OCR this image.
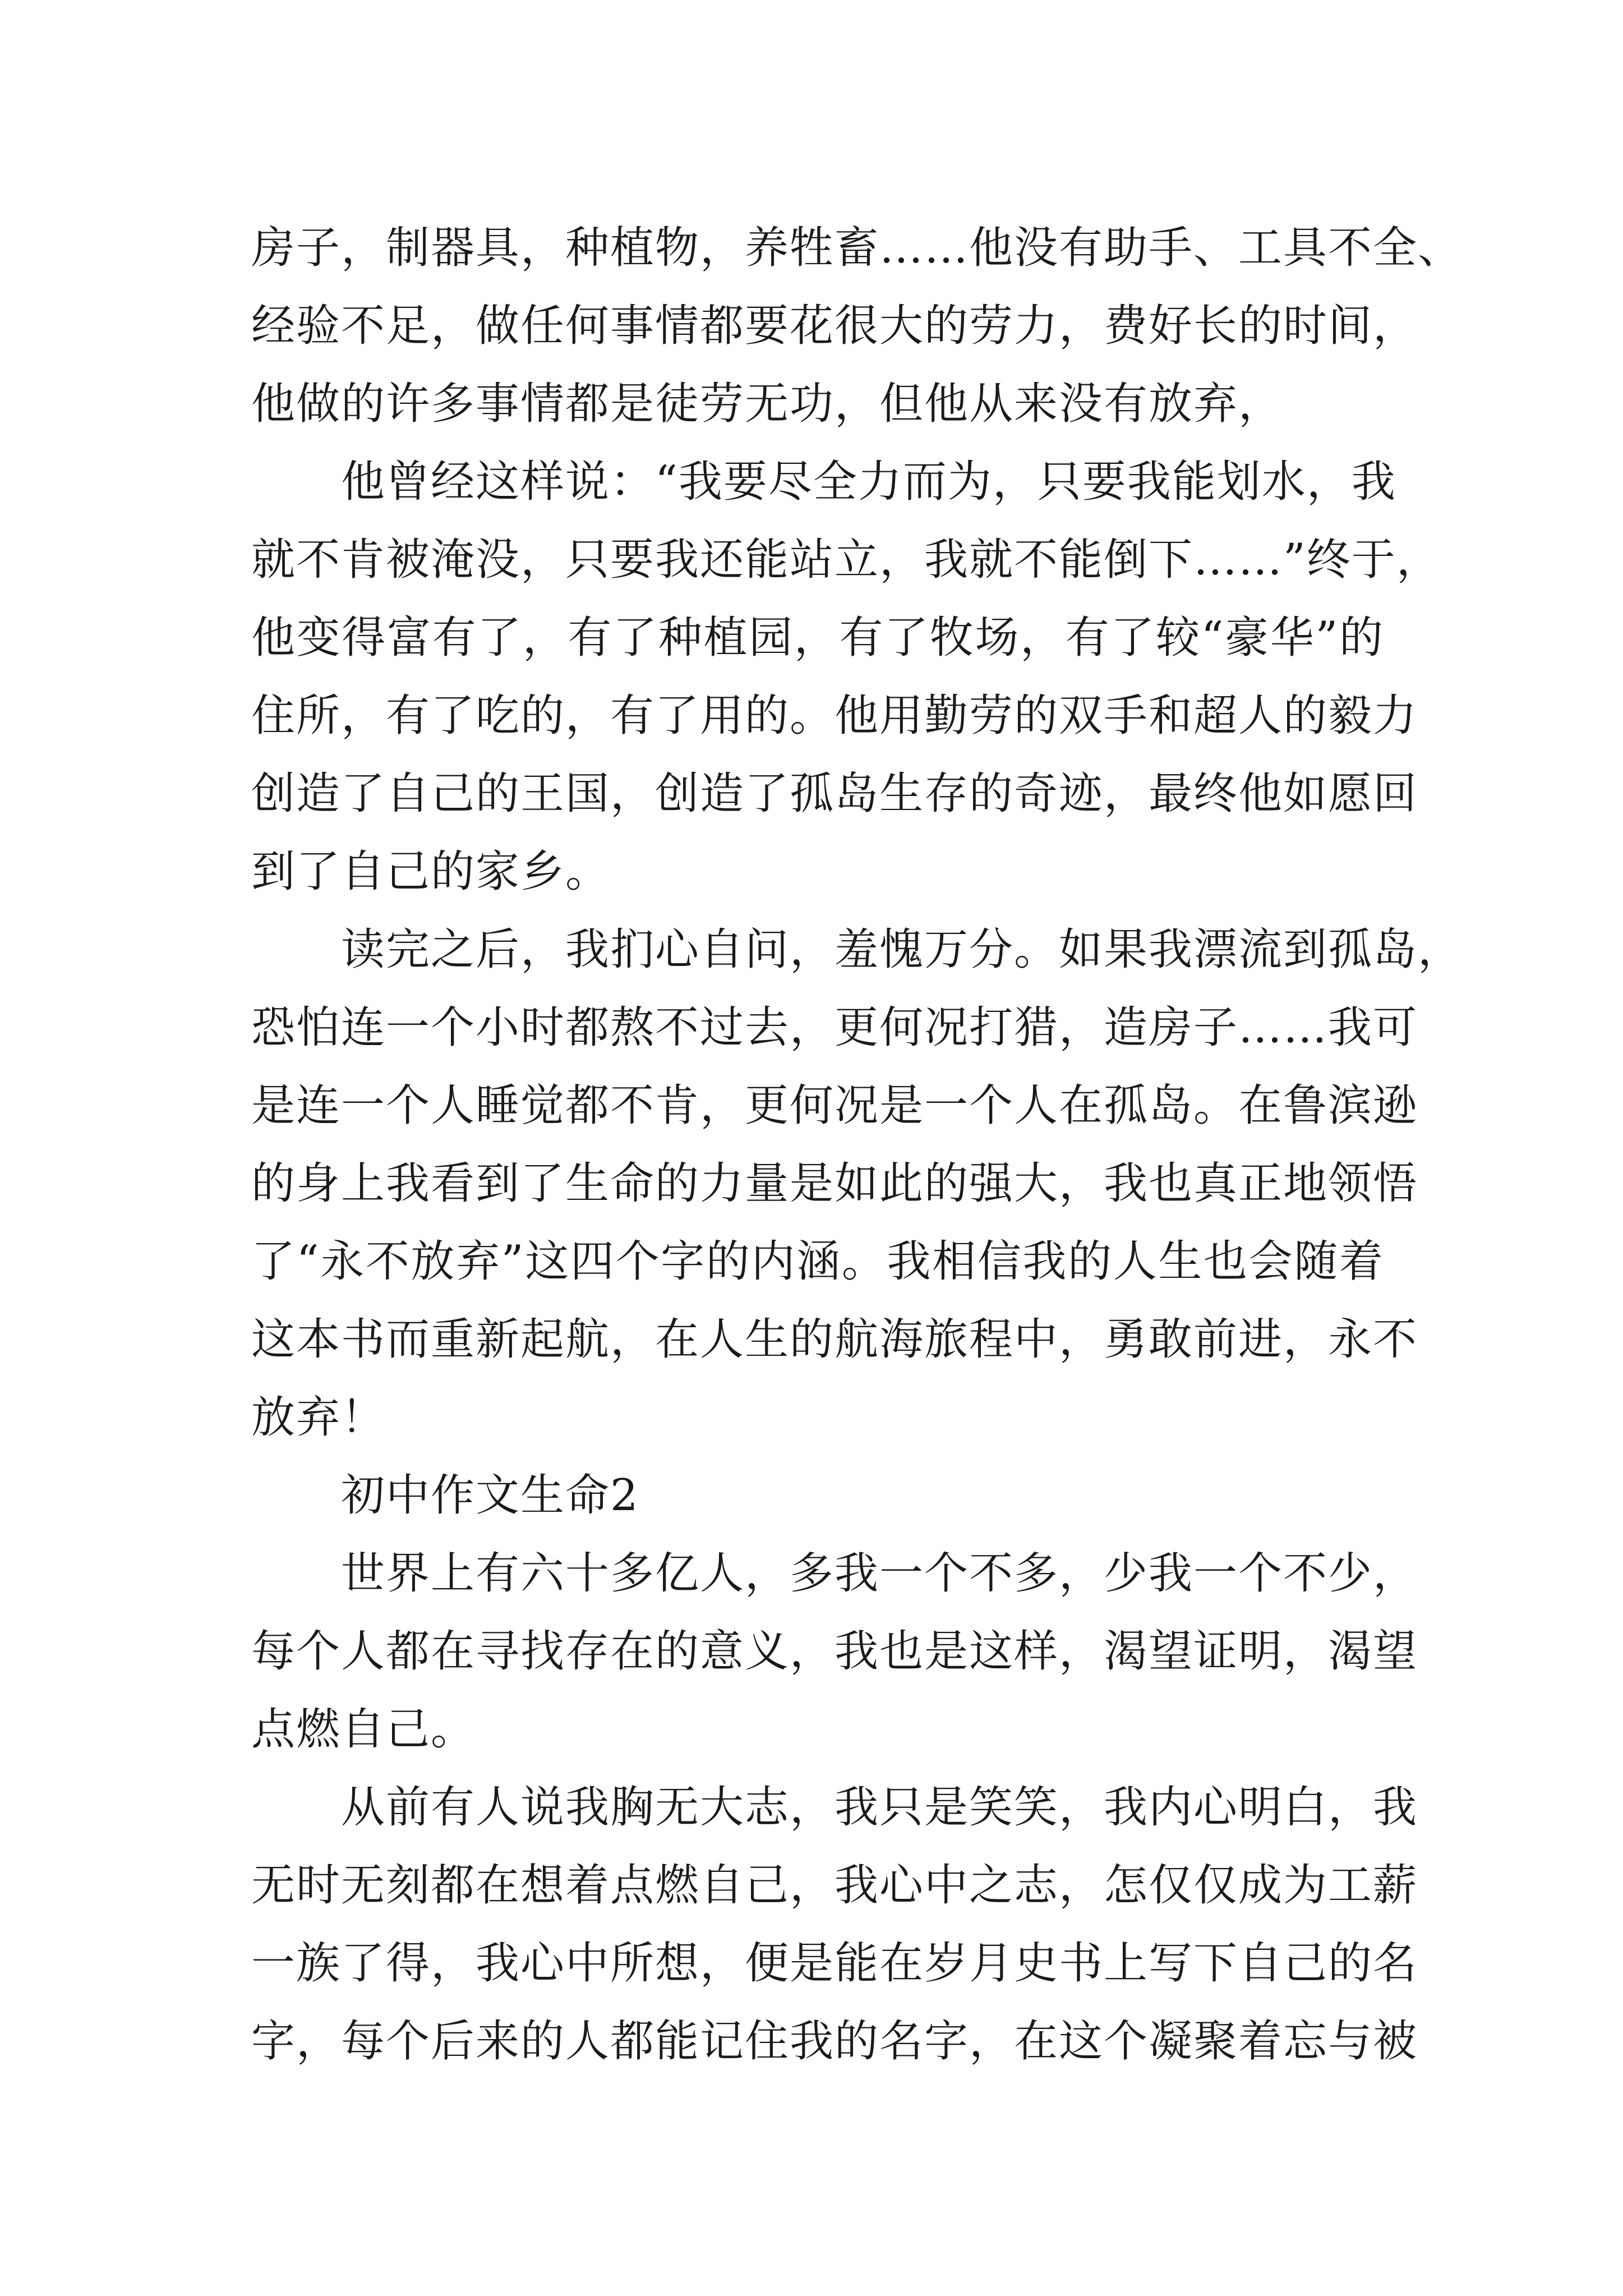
房子，制器具，种植物，养牲畜……他没有助手、工具不全、
经验不足，做任何事情都要花很大的劳力，费好长的时间，
他做的许多事情都是徒劳无功，但他从来没有放弃，
他曾经这样说：“我要尽全力而为，只要我能划水，我
就不肯被淹没，只要我还能站立，我就不能倒下……”终于，
他变得富有了，有了种植园，有了牧场，有了较“豪华”的
住所，有了吃的，有了用的。他用勤劳的双手和超人的毅力
创造了自己的王国，创造了孤岛生存的奇迹，最终他如愿回
到了自己的家乡。
读完之后，我扪心自问，羞愧万分。如果我漂流到孤岛，
恐怕连一个小时都熬不过去，更何况打猎，造房子……我可
是连一个人睡觉都不肯，更何况是一个人在孤岛。在鲁滨逊
的身上我看到了生命的力量是如此的强大，我也真正地领悟
了“永不放弃”这四个字的内涵。我相信我的人生也会随着
这本书而重新起航，在人生的航海旅程中，勇敢前进，永不
放弃！
初中作文生命2
世界上有六十多亿人，多我一个不多，少我一个不少，
每个人都在寻找存在的意义，我也是这样，渴望证明，渴望
点燃自己。
从前有人说我胸无大志，我只是笑笑，我内心明白，我
无时无刻都在想着点燃自己，我心中之志，怎仅仅成为工薪
一族了得，我心中所想，便是能在岁月史书上写下自己的名
字，每个后来的人都能记住我的名字，在这个凝聚着忘与被
